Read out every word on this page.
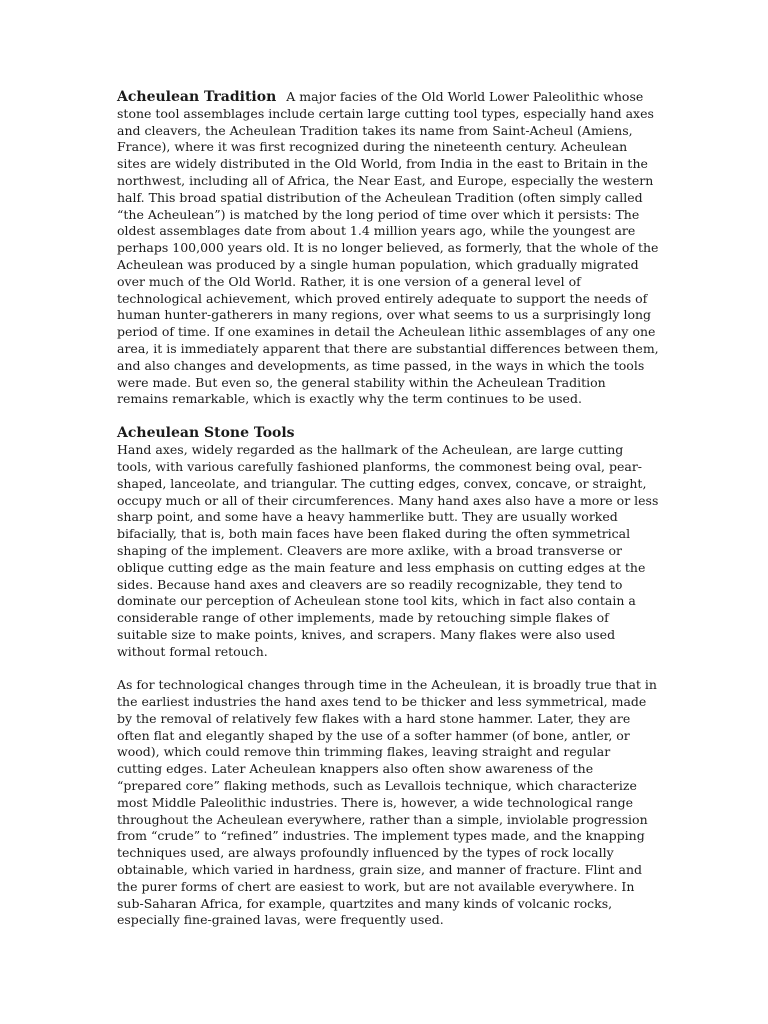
Acheulean Tradition A major facies of the Old World Lower Paleolithic whose stone tool assemblages include certain large cutting tool types, especially hand axes and cleavers, the Acheulean Tradition takes its name from Saint-Acheul (Amiens, France), where it was first recognized during the nineteenth century. Acheulean sites are widely distributed in the Old World, from India in the east to Britain in the northwest, including all of Africa, the Near East, and Europe, especially the western half. This broad spatial distribution of the Acheulean Tradition (often simply called “the Acheulean”) is matched by the long period of time over which it persists: The oldest assemblages date from about 1.4 million years ago, while the youngest are perhaps 100,000 years old. It is no longer believed, as formerly, that the whole of the Acheulean was produced by a single human population, which gradually migrated over much of the Old World. Rather, it is one version of a general level of technological achievement, which proved entirely adequate to support the needs of human hunter-gatherers in many regions, over what seems to us a surprisingly long period of time. If one examines in detail the Acheulean lithic assemblages of any one area, it is immediately apparent that there are substantial differences between them, and also changes and developments, as time passed, in the ways in which the tools were made. But even so, the general stability within the Acheulean Tradition remains remarkable, which is exactly why the term continues to be used.

Acheulean Stone Tools

Hand axes, widely regarded as the hallmark of the Acheulean, are large cutting tools, with various carefully fashioned planforms, the commonest being oval, pear-shaped, lanceolate, and triangular. The cutting edges, convex, concave, or straight, occupy much or all of their circumferences. Many hand axes also have a more or less sharp point, and some have a heavy hammerlike butt. They are usually worked bifacially, that is, both main faces have been flaked during the often symmetrical shaping of the implement. Cleavers are more axlike, with a broad transverse or oblique cutting edge as the main feature and less emphasis on cutting edges at the sides. Because hand axes and cleavers are so readily recognizable, they tend to dominate our perception of Acheulean stone tool kits, which in fact also contain a considerable range of other implements, made by retouching simple flakes of suitable size to make points, knives, and scrapers. Many flakes were also used without formal retouch.

As for technological changes through time in the Acheulean, it is broadly true that in the earliest industries the hand axes tend to be thicker and less symmetrical, made by the removal of relatively few flakes with a hard stone hammer. Later, they are often flat and elegantly shaped by the use of a softer hammer (of bone, antler, or wood), which could remove thin trimming flakes, leaving straight and regular cutting edges. Later Acheulean knappers also often show awareness of the “prepared core” flaking methods, such as Levallois technique, which characterize most Middle Paleolithic industries. There is, however, a wide technological range throughout the Acheulean everywhere, rather than a simple, inviolable progression from “crude” to “refined” industries. The implement types made, and the knapping techniques used, are always profoundly influenced by the types of rock locally obtainable, which varied in hardness, grain size, and manner of fracture. Flint and the purer forms of chert are easiest to work, but are not available everywhere. In sub-Saharan Africa, for example, quartzites and many kinds of volcanic rocks, especially fine-grained lavas, were frequently used.
